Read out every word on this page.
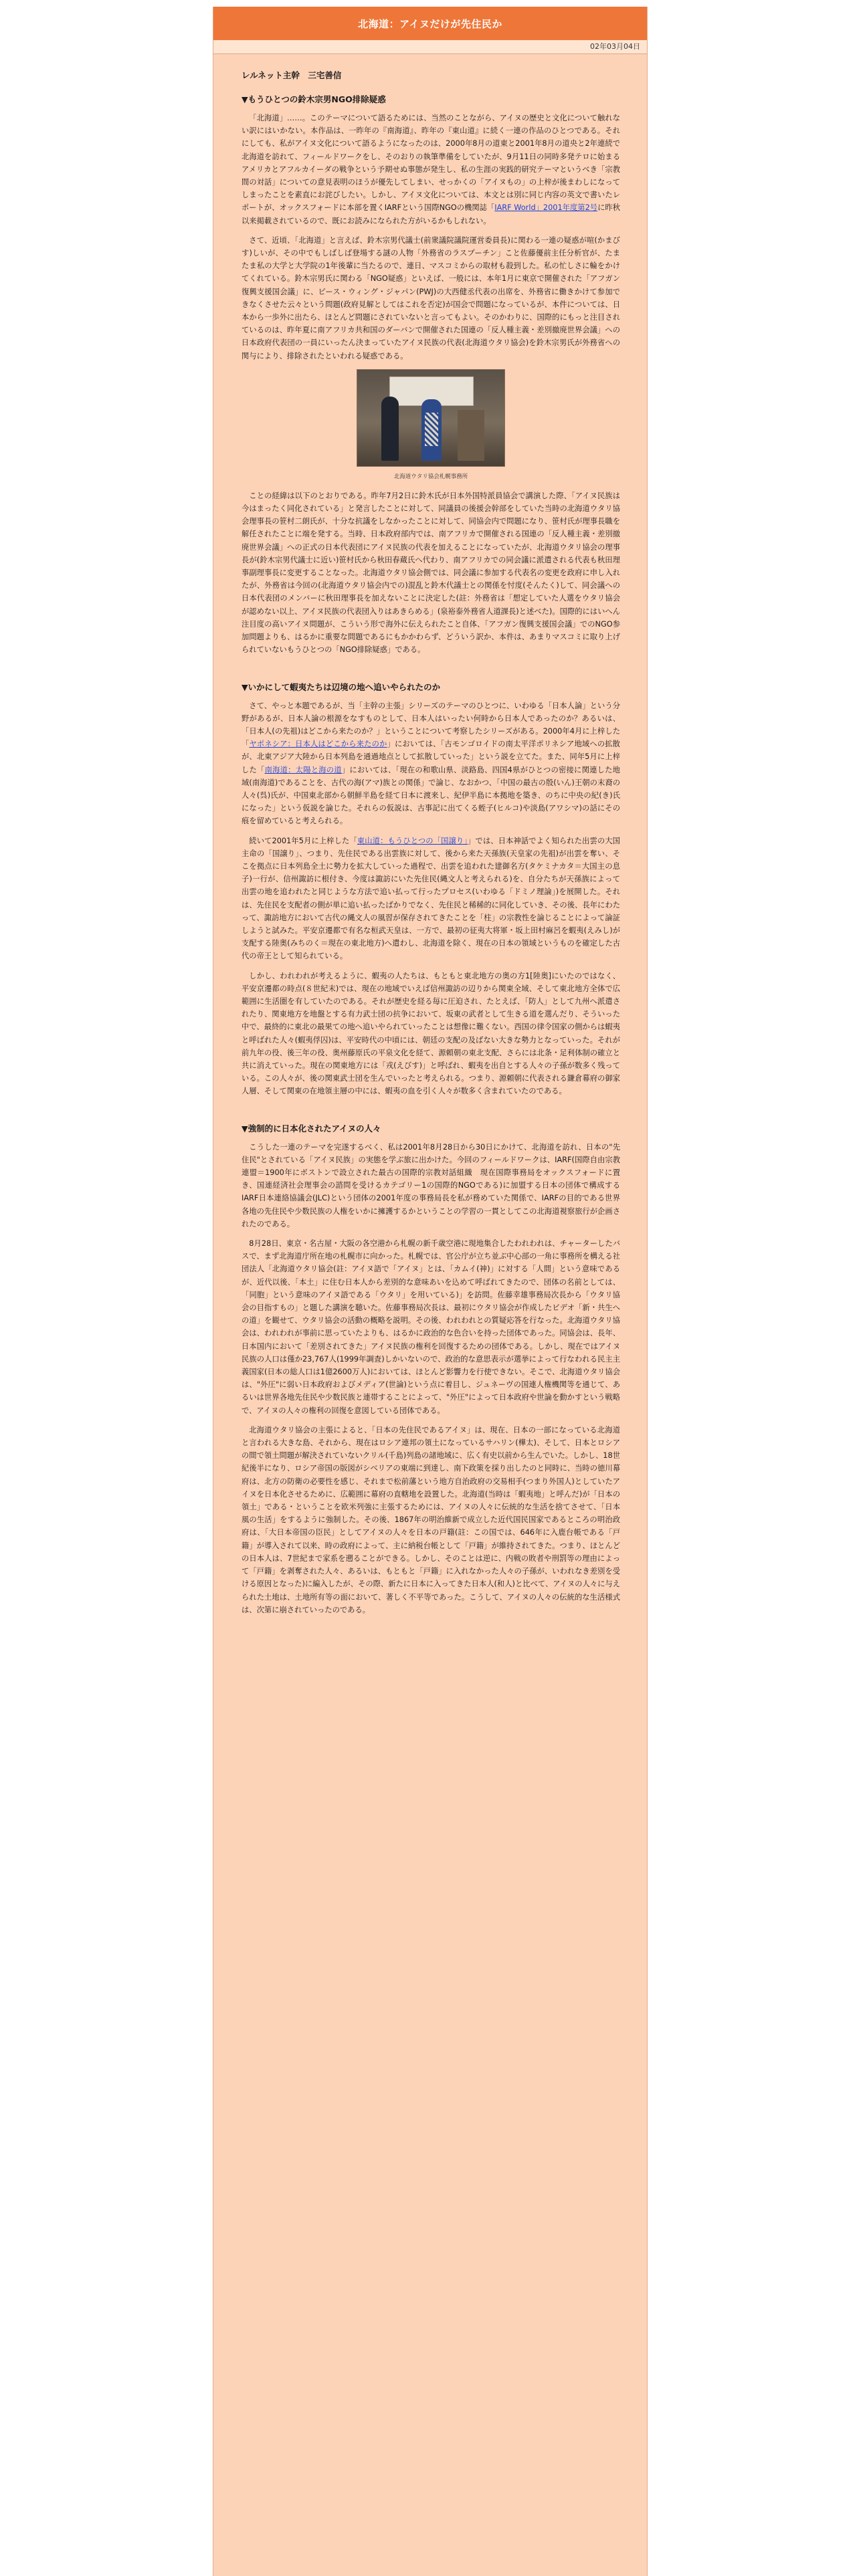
北海道：アイヌだけが先住民か
02年03月04日
レルネット主幹　三宅善信
▼もうひとつの鈴木宗男NGO排除疑惑

「北海道」……。このテーマについて語るためには、当然のことながら、アイヌの歴史と文化について触れない訳にはいかない。本作品は、一昨年の『南海道』、昨年の『東山道』に続く一連の作品のひとつである。それにしても、私がアイヌ文化について語るようになったのは、2000年8月の道東と2001年8月の道央と2年連続で北海道を訪れて、フィールドワークをし、そのおりの執筆準備をしていたが、9月11日の同時多発テロに始まるアメリカとアフルカイーダの戦争という予期せぬ事態が発生し、私の生涯の実践的研究テーマというべき「宗教間の対話」についての意見表明のほうが優先してしまい、せっかくの「アイヌもの」の上梓が後まわしになってしまったことを素直にお詫びしたい。しかし、アイヌ文化については、本文とは別に同じ内容の英文で書いたレポートが、オックスフォードに本部を置くIARFという国際NGOの機関誌「IARF World」2001年度第2号に昨秋以来掲載されているので、既にお読みになられた方がいるかもしれない。

さて、近頃、「北海道」と言えば、鈴木宗男代議士(前衆議院議院運営委員長)に関わる一連の疑惑が喧(かまびす)しいが、その中でもしばしば登場する謎の人物「外務省のラスプーチン」こと佐藤優前主任分析官が、たまたま私の大学と大学院の1年後輩に当たるので、連日、マスコミからの取材も殺到した。私の忙しさに輪をかけてくれている。鈴木宗男氏に関わる「NGO疑惑」といえば、一般には、本年1月に東京で開催された「アフガン復興支援国会議」に、ピース・ウィング・ジャパン(PWJ)の大西健丞代表の出席を、外務省に働きかけて参加できなくさせた云々という問題(政府見解としてはこれを否定)が国会で問題になっているが、本件については、日本から一歩外に出たら、ほとんど問題にされていないと言ってもよい。そのかわりに、国際的にもっと注目されているのは、昨年夏に南アフリカ共和国のダーバンで開催された国連の「反人種主義・差別撤廃世界会議」への日本政府代表団の一員にいったん決まっていたアイヌ民族の代表(北海道ウタリ協会)を鈴木宗男氏が外務省への関与により、排除されたといわれる疑惑である。

北海道ウタリ協会札幌事務所

ことの経緯は以下のとおりである。昨年7月2日に鈴木氏が日本外国特派員協会で講演した際、「アイヌ民族は今はまったく同化されている」と発言したことに対して、同議員の後援会幹部をしていた当時の北海道ウタリ協会理事長の笹村二朗氏が、十分な抗議をしなかったことに対して、同協会内で問題になり、笹村氏が理事長職を解任されたことに端を発する。当時、日本政府部内では、南アフリカで開催される国連の「反人種主義・差別撤廃世界会議」への正式の日本代表団にアイヌ民族の代表を加えることになっていたが、北海道ウタリ協会の理事長が(鈴木宗男代議士に近い)笹村氏から秋田春蔵氏へ代わり、南アフリカでの同会議に派遣される代表も秋田理事副理事長に変更することなった。北海道ウタリ協会側では、同会議に参加する代表名の変更を政府に申し入れたが、外務省は今回の(北海道ウタリ協会内での)混乱と鈴木代議士との関係を忖度(そんたく)して、同会議への日本代表団のメンバーに秋田理事長を加えないことに決定した(註：外務省は「想定していた人選をウタリ協会が認めない以上、アイヌ民族の代表団入りはあきらめる」(泉裕泰外務省人道課長)と述べた)。国際的にはいへん注目度の高いアイヌ問題が、こういう形で海外に伝えられたこと自体、「アフガン復興支援国会議」でのNGO参加問題よりも、はるかに重要な問題であるにもかかわらず、どういう訳か、本件は、あまりマスコミに取り上げられていないもうひとつの「NGO排除疑惑」である。

▼いかにして蝦夷たちは辺境の地へ追いやられたのか

さて、やっと本題であるが、当「主幹の主張」シリーズのテーマのひとつに、いわゆる「日本人論」という分野があるが、日本人論の根源をなすものとして、日本人はいったい何時から日本人であったのか？あるいは、「日本人(の先祖)はどこから来たのか？」ということについて考察したシリーズがある。2000年4月に上梓した「ヤポネシア：日本人はどこから来たのか」においては、「古モンゴロイドの南太平洋ポリネシア地域への拡散が、北東アジア大陸から日本列島を通過地点として拡散していった」という説を立てた。また、同年5月に上梓した「南海道：太陽と海の道」においては、「現在の和歌山県、淡路島、四国4県がひとつの密接に関連した地域(南海道)であることを、古代の海(アマ)族との関係」で論じ、なおかつ、「中国の最古の殷(いん)王朝の末裔の人々(呉)氏が、中国東北部から朝鮮半島を経て日本に渡来し、紀伊半島に本拠地を築き、のちに中央の紀(き)氏になった」という仮説を論じた。それらの仮説は、古事記に出てくる蛭子(ヒルコ)や淡島(アワシマ)の話にその痕を留めていると考えられる。

続いて2001年5月に上梓した「東山道：もうひとつの「国譲り」」では、日本神話でよく知られた出雲の大国主命の「国譲り」、つまり、先住民である出雲族に対して、後から来た天孫族(天皇家の先祖)が出雲を奪い、そこを拠点に日本列島全土に勢力を拡大していった過程で、出雲を追われた建御名方(タケミナカタ＝大国主の息子)一行が、信州諏訪に根付き、今度は諏訪にいた先住民(縄文人と考えられる)を、自分たちが天孫族によって出雲の地を追われたと同じような方法で追い払って行ったプロセス(いわゆる「ドミノ理論」)を展開した。それは、先住民を支配者の側が単に追い払ったばかりでなく、先住民と稀稀的に同化していき、その後、長年にわたって、諏訪地方において古代の縄文人の風習が保存されてきたことを「柱」の宗教性を論じることによって論証しようと試みた。平安京遷都で有名な桓武天皇は、一方で、最初の征夷大将軍・坂上田村麻呂を蝦夷(えみし)が支配する陸奥(みちのく＝現在の東北地方)へ遣わし、北海道を除く、現在の日本の領域というものを確定した古代の帝王として知られている。

しかし、われわれが考えるように、蝦夷の人たちは、もともと東北地方の奥の方1[陸奥]にいたのではなく、平安京遷都の時点(８世紀末)では、現在の地域でいえば信州諏訪の辺りから関東全域、そして東北地方全体で広範囲に生活圏を有していたのである。それが歴史を経る毎に圧迫され、たとえば、「防人」として九州へ派遣されたり、関東地方を地盤とする有力武士団の抗争において、坂東の武者として生きる道を選んだり、そういった中で、最終的に東北の最果ての地へ追いやられていったことは想像に難くない。西国の律令国家の側からは蝦夷と呼ばれた人々(蝦夷俘囚)は、平安時代の中頃には、朝廷の支配の及ばない大きな勢力となっていった。それが前九年の役、後三年の役、奥州藤原氏の平泉文化を経て、源頼朝の東北支配、さらには北条・足利体制の確立と共に消えていった。現在の関東地方には「戎(えびす)」と呼ばれ、蝦夷を出自とする人々の子孫が数多く残っている。この人々が、後の関東武士団を生んでいったと考えられる。つまり、源頼朝に代表される鎌倉幕府の御家人層、そして関東の在地領主層の中には、蝦夷の血を引く人々が数多く含まれていたのである。

▼強制的に日本化されたアイヌの人々

こうした一連のテーマを完遂するべく、私は2001年8月28日から30日にかけて、北海道を訪れ、日本の"先住民"とされている「アイヌ民族」の実態を学ぶ旅に出かけた。今回のフィールドワークは、IARF(国際自由宗教連盟＝1900年にボストンで設立された最古の国際的宗教対話組織　現在国際事務局をオックスフォードに置き、国連経済社会理事会の諮問を受けるカテゴリー1の国際的NGOである)に加盟する日本の団体で構成するIARF日本連絡協議会(JLC)という団体の2001年度の事務局長を私が務めていた関係で、IARFの目的である世界各地の先住民や少数民族の人権をいかに擁護するかということの学習の一貫としてこの北海道視察旅行が企画されたのである。

8月28日、東京・名古屋・大阪の各空港から札幌の新千歳空港に現地集合したわれわれは、チャーターしたバスで、まず北海道庁所在地の札幌市に向かった。札幌では、官公庁が立ち並ぶ中心部の一角に事務所を構える社団法人「北海道ウタリ協会(註：アイヌ語で「アイヌ」とは、「カムイ(神)」に対する「人間」という意味であるが、近代以後、「本土」に住む日本人から差別的な意味あいを込めて呼ばれてきたので、団体の名前としては、「同胞」という意味のアイヌ語である「ウタリ」を用いている)」を訪問。佐藤幸雄事務局次長から「ウタリ協会の目指すもの」と題した講演を聴いた。佐藤事務局次長は、最初にウタリ協会が作成したビデオ「新・共生への道」を観せて、ウタリ協会の活動の概略を説明。その後、われわれとの質疑応答を行なった。北海道ウタリ協会は、われわれが事前に思っていたよりも、はるかに政治的な色合いを持った団体であった。同協会は、長年、日本国内において「差別されてきた」アイヌ民族の権利を回復するための団体である。しかし、現在ではアイヌ民族の人口は僅か23,767人(1999年調査)しかいないので、政治的な意思表示が選挙によって行なわれる民主主義国家(日本の総人口は1億2600万人)においては、ほとんど影響力を行使できない。そこで、北海道ウタリ協会は、"外圧"に弱い日本政府およびメディア(世論)という点に着目し、ジュネーヴの国連人権機関等を通じて、あるいは世界各地先住民や少数民族と連帯することによって、"外圧"によって日本政府や世論を動かすという戦略で、アイヌの人々の権利の回復を意図している団体である。

北海道ウタリ協会の主張によると、「日本の先住民であるアイヌ」は、現在、日本の一部になっている北海道と言われる大きな島、それから、現在はロシア連邦の領土になっているサハリン(樺太)、そして、日本とロシアの間で領土問題が解決されていないクリル(千島)列島の諸地域に、広く有史以前から生んでいた。しかし、18世紀後半になり、ロシア帝国の版図がシベリアの東端に到達し、南下政策を採り出したのと同時に、当時の徳川幕府は、北方の防衛の必要性を感じ、それまで松前藩という地方自治政府の交易相手(つまり外国人)としていたアイヌを日本化させるために、広範囲に幕府の直轄地を設置した。北海道(当時は「蝦夷地」と呼んだ)が「日本の領土」である・ということを欧米列強に主張するためには、アイヌの人々に伝統的な生活を捨てさせて、「日本風の生活」をするように強制した。その後、1867年の明治維新で成立した近代国民国家であるところの明治政府は、「大日本帝国の臣民」としてアイヌの人々を日本の戸籍(註：この国では、646年に入鹿台帳である「戸籍」が導入されて以来、時の政府によって、主に納税台帳として「戸籍」が維持されてきた。つまり、ほとんどの日本人は、7世紀まで家系を遡ることができる。しかし、そのことは逆に、内戦の敗者や刑罰等の理由によって「戸籍」を剥奪された人々、あるいは、もともと「戸籍」に入れなかった人々の子孫が、いわれなき差別を受ける原因となった)に編入したが、その際、新たに日本に入ってきた日本人(和人)と比べて、アイヌの人々に与えられた土地は、土地所有等の面において、著しく不平等であった。こうして、アイヌの人々の伝統的な生活様式は、次第に崩されていったのである。
